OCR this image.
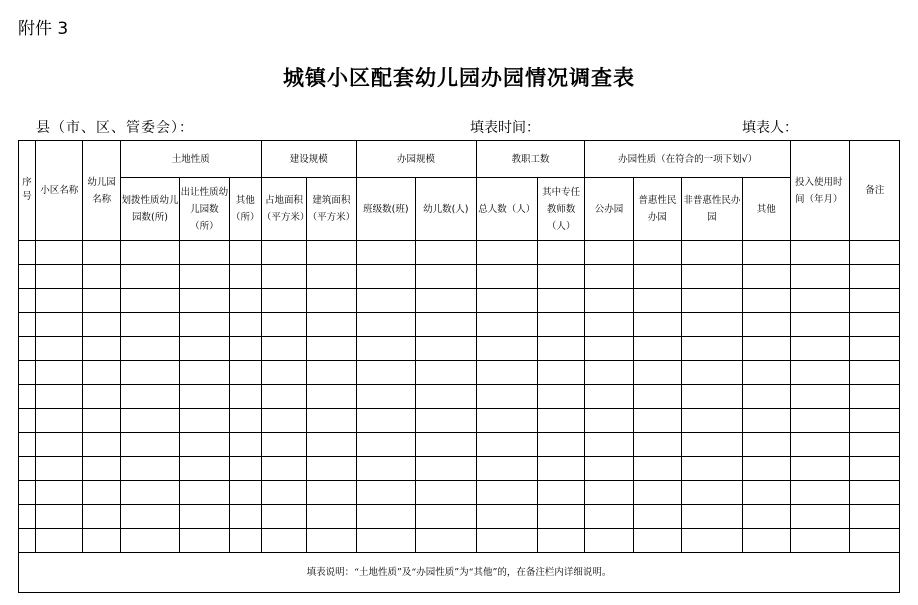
附件 3
城镇小区配套幼儿园办园情况调查表
县（市、区、管委会）：	填表时间：	填表人：
序号	小区名称	幼儿园名称	土地性质			建设规模		办园规模		教职工数		办园性质（在符合的一项下划√）				投入使用时间（年月）	备注
			划拨性质幼儿园数(所)	出让性质幼儿园数（所）	其他（所）	占地面积（平方米）	建筑面积（平方米）	班级数(班)	幼儿数(人)	总人数（人）	其中专任教师数（人）	公办园	普惠性民办园	非普惠性民办园	其他		

填表说明：“土地性质”及“办园性质”为“其他”的，在备注栏内详细说明。																	
